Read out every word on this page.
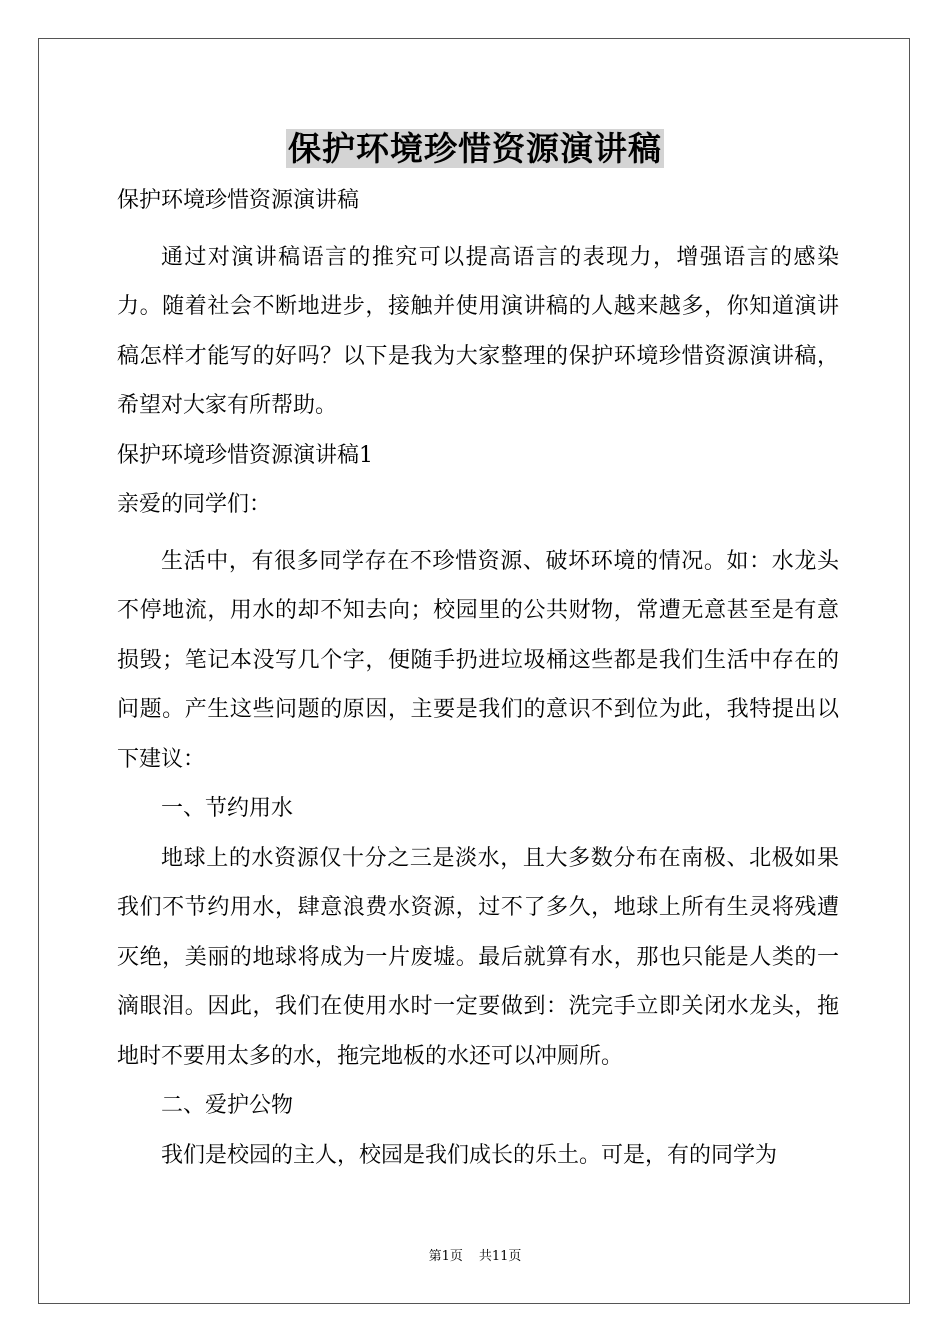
保护环境珍惜资源演讲稿

保护环境珍惜资源演讲稿

通过对演讲稿语言的推究可以提高语言的表现力，增强语言的感染力。随着社会不断地进步，接触并使用演讲稿的人越来越多，你知道演讲稿怎样才能写的好吗？以下是我为大家整理的保护环境珍惜资源演讲稿，希望对大家有所帮助。

保护环境珍惜资源演讲稿1

亲爱的同学们：

生活中，有很多同学存在不珍惜资源、破坏环境的情况。如：水龙头不停地流，用水的却不知去向；校园里的公共财物，常遭无意甚至是有意损毁；笔记本没写几个字，便随手扔进垃圾桶这些都是我们生活中存在的问题。产生这些问题的原因，主要是我们的意识不到位为此，我特提出以下建议：

一、节约用水

地球上的水资源仅十分之三是淡水，且大多数分布在南极、北极如果我们不节约用水，肆意浪费水资源，过不了多久，地球上所有生灵将残遭灭绝，美丽的地球将成为一片废墟。最后就算有水，那也只能是人类的一滴眼泪。因此，我们在使用水时一定要做到：洗完手立即关闭水龙头，拖地时不要用太多的水，拖完地板的水还可以冲厕所。

二、爱护公物

我们是校园的主人，校园是我们成长的乐土。可是，有的同学为

第1页 共11页
